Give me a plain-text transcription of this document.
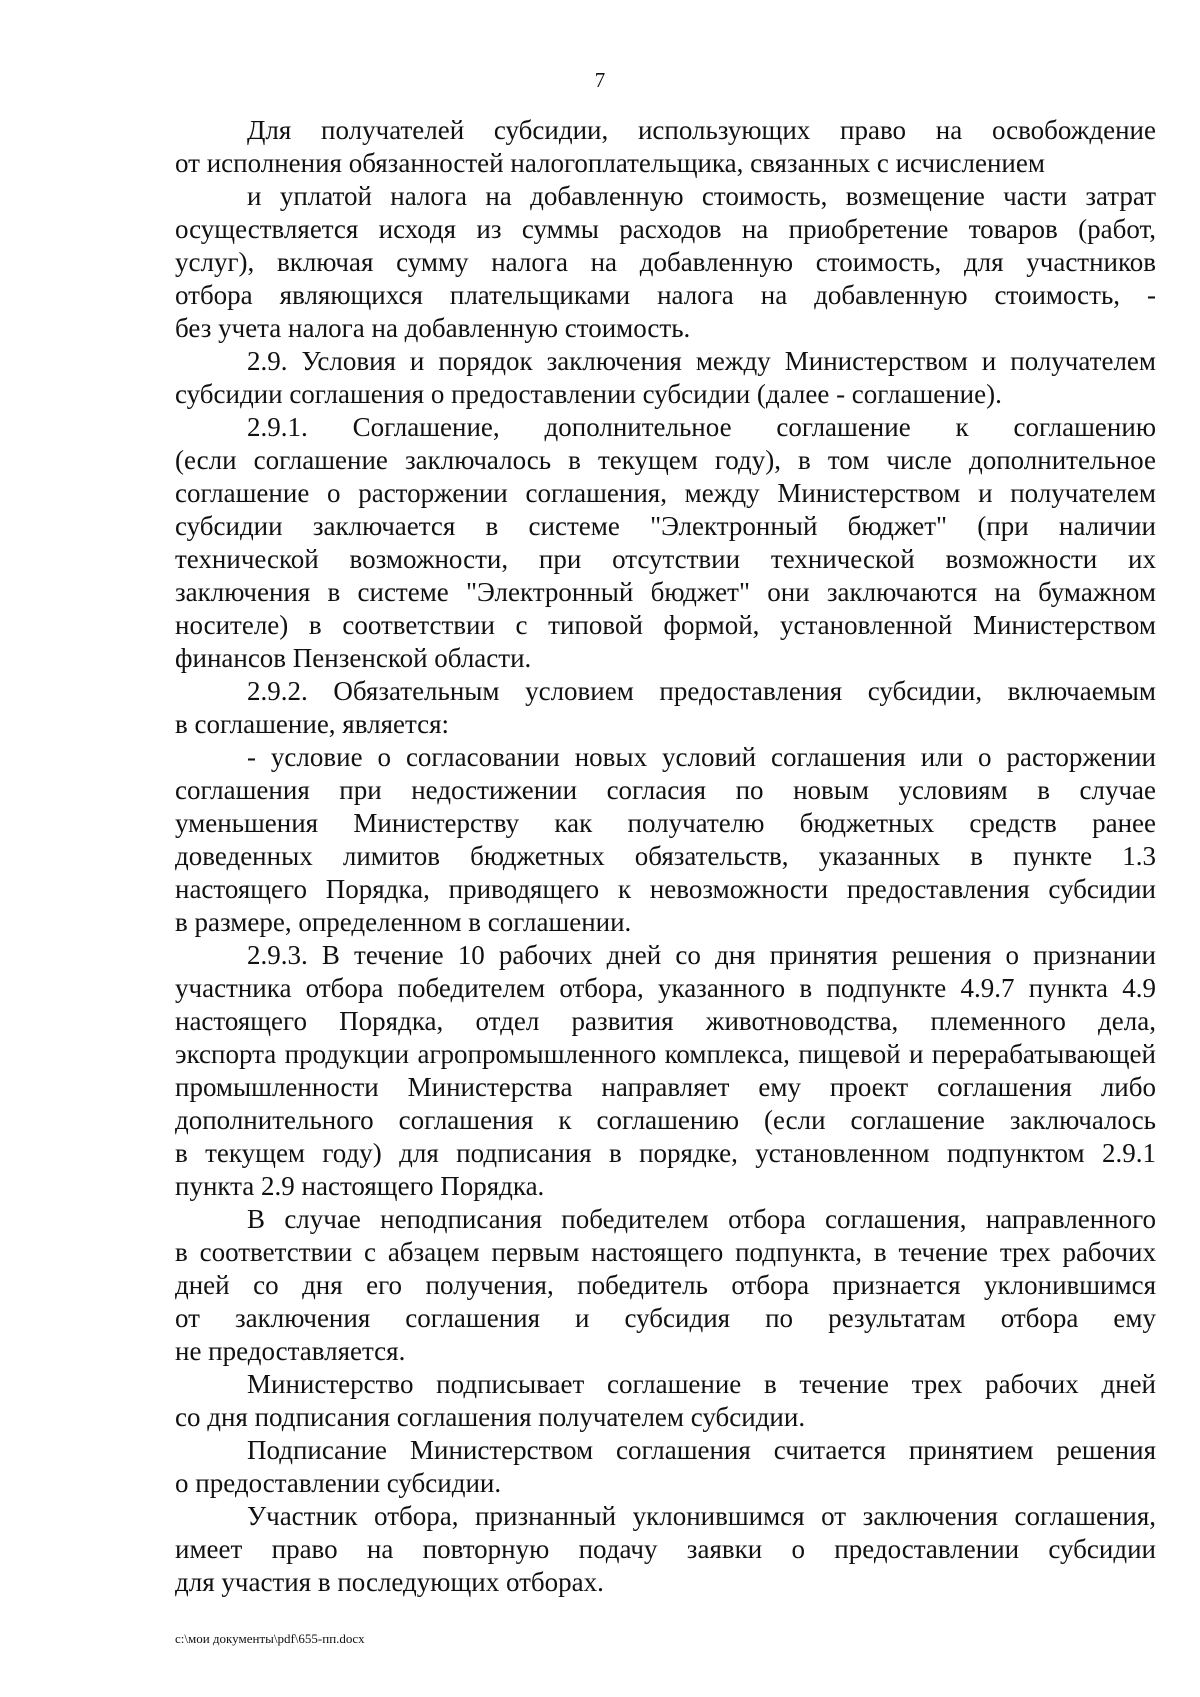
7

Для получателей субсидии, использующих право на освобождение
от исполнения обязанностей налогоплательщика, связанных с исчислением

и уплатой налога на добавленную стоимость, возмещение части затрат
осуществляется исходя из суммы расходов на приобретение товаров (работ,
услуг), включая сумму налога на добавленную стоимость, для участников
отбора являющихся плательщиками налога на добавленную стоимость, -
без учета налога на добавленную стоимость.

2.9. Условия и порядок заключения между Министерством и получателем
субсидии соглашения о предоставлении субсидии (далее - соглашение).

2.9.1. Соглашение, дополнительное соглашение к соглашению
(если соглашение заключалось в текущем году), в том числе дополнительное
соглашение о расторжении соглашения, между Министерством и получателем
субсидии заключается в системе "Электронный бюджет" (при наличии
технической возможности, при отсутствии технической возможности их
заключения в системе "Электронный бюджет" они заключаются на бумажном
носителе) в соответствии с типовой формой, установленной Министерством
финансов Пензенской области.

2.9.2. Обязательным условием предоставления субсидии, включаемым
в соглашение, является:

- условие о согласовании новых условий соглашения или о расторжении
соглашения при недостижении согласия по новым условиям в случае
уменьшения Министерству как получателю бюджетных средств ранее
доведенных лимитов бюджетных обязательств, указанных в пункте 1.3
настоящего Порядка, приводящего к невозможности предоставления субсидии
в размере, определенном в соглашении.

2.9.3. В течение 10 рабочих дней со дня принятия решения о признании
участника отбора победителем отбора, указанного в подпункте 4.9.7 пункта 4.9
настоящего Порядка, отдел развития животноводства, племенного дела,
экспорта продукции агропромышленного комплекса, пищевой и перерабатывающей
промышленности Министерства направляет ему проект соглашения либо
дополнительного соглашения к соглашению (если соглашение заключалось
в текущем году) для подписания в порядке, установленном подпунктом 2.9.1
пункта 2.9 настоящего Порядка.

В случае неподписания победителем отбора соглашения, направленного
в соответствии с абзацем первым настоящего подпункта, в течение трех рабочих
дней со дня его получения, победитель отбора признается уклонившимся
от заключения соглашения и субсидия по результатам отбора ему
не предоставляется.

Министерство подписывает соглашение в течение трех рабочих дней
со дня подписания соглашения получателем субсидии.

Подписание Министерством соглашения считается принятием решения
о предоставлении субсидии.

Участник отбора, признанный уклонившимся от заключения соглашения,
имеет право на повторную подачу заявки о предоставлении субсидии
для участия в последующих отборах.

c:\мои документы\pdf\655-пп.docx
